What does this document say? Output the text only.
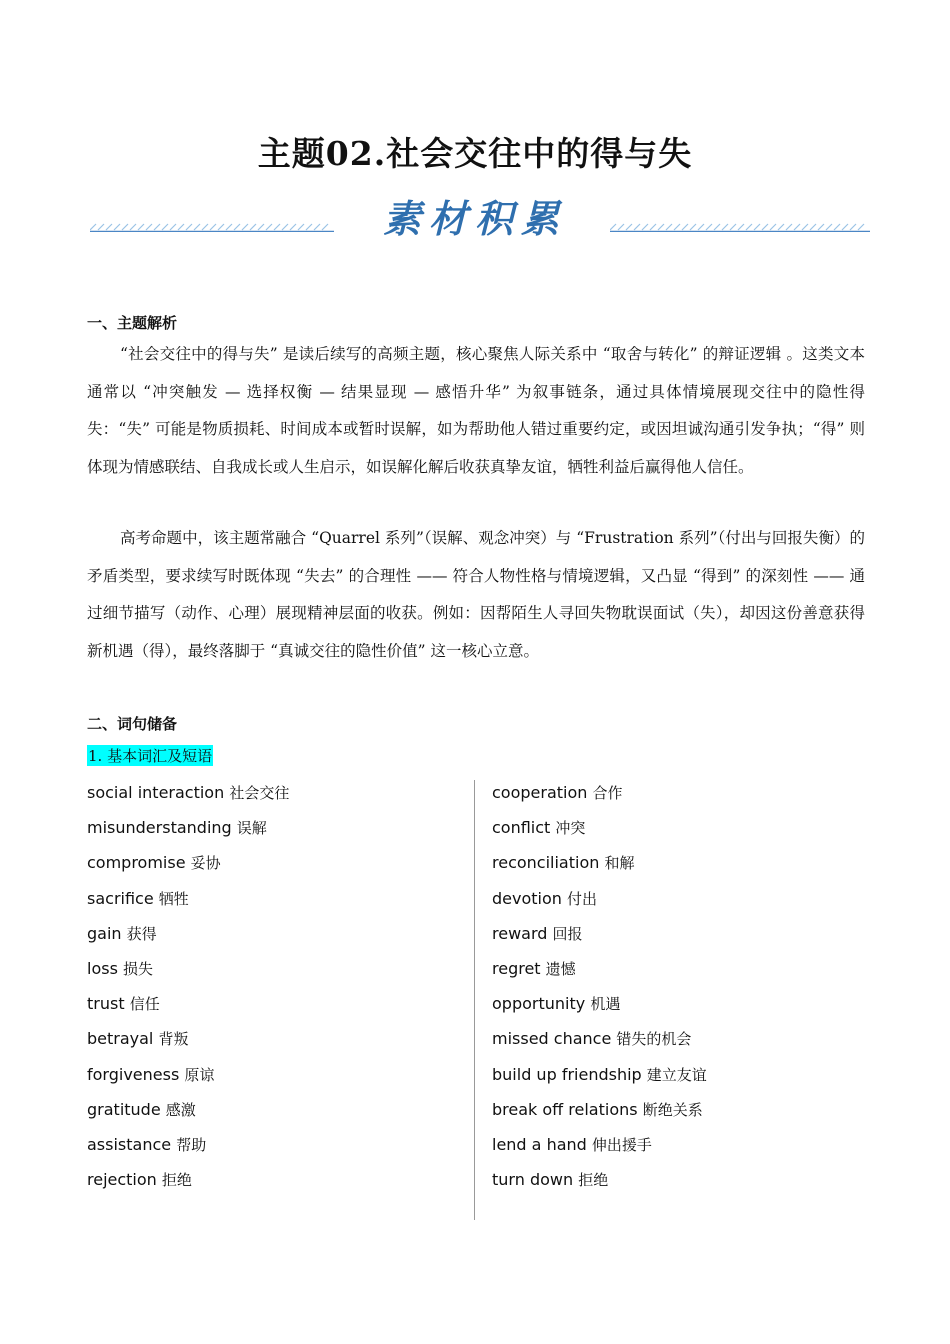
主题02.社会交往中的得与失
素材积累
一、主题解析
“社会交往中的得与失” 是读后续写的高频主题，核心聚焦人际关系中 “取舍与转化” 的辩证逻辑 。这类文本通常以 “冲突触发 — 选择权衡 — 结果显现 — 感悟升华” 为叙事链条，通过具体情境展现交往中的隐性得失：“失” 可能是物质损耗、时间成本或暂时误解，如为帮助他人错过重要约定，或因坦诚沟通引发争执；“得” 则体现为情感联结、自我成长或人生启示，如误解化解后收获真挚友谊，牺牲利益后赢得他人信任。
高考命题中，该主题常融合 “Quarrel 系列”（误解、观念冲突）与 “Frustration 系列”（付出与回报失衡）的矛盾类型，要求续写时既体现 “失去” 的合理性 —— 符合人物性格与情境逻辑，又凸显 “得到” 的深刻性 —— 通过细节描写（动作、心理）展现精神层面的收获。例如：因帮陌生人寻回失物耽误面试（失），却因这份善意获得新机遇（得），最终落脚于 “真诚交往的隐性价值” 这一核心立意。
二、词句储备
1. 基本词汇及短语
social interaction 社会交往
misunderstanding 误解
compromise 妥协
sacrifice 牺牲
gain 获得
loss 损失
trust 信任
betrayal 背叛
forgiveness 原谅
gratitude 感激
assistance 帮助
rejection 拒绝
cooperation 合作
conflict 冲突
reconciliation 和解
devotion 付出
reward 回报
regret 遗憾
opportunity 机遇
missed chance 错失的机会
build up friendship 建立友谊
break off relations 断绝关系
lend a hand 伸出援手
turn down 拒绝
